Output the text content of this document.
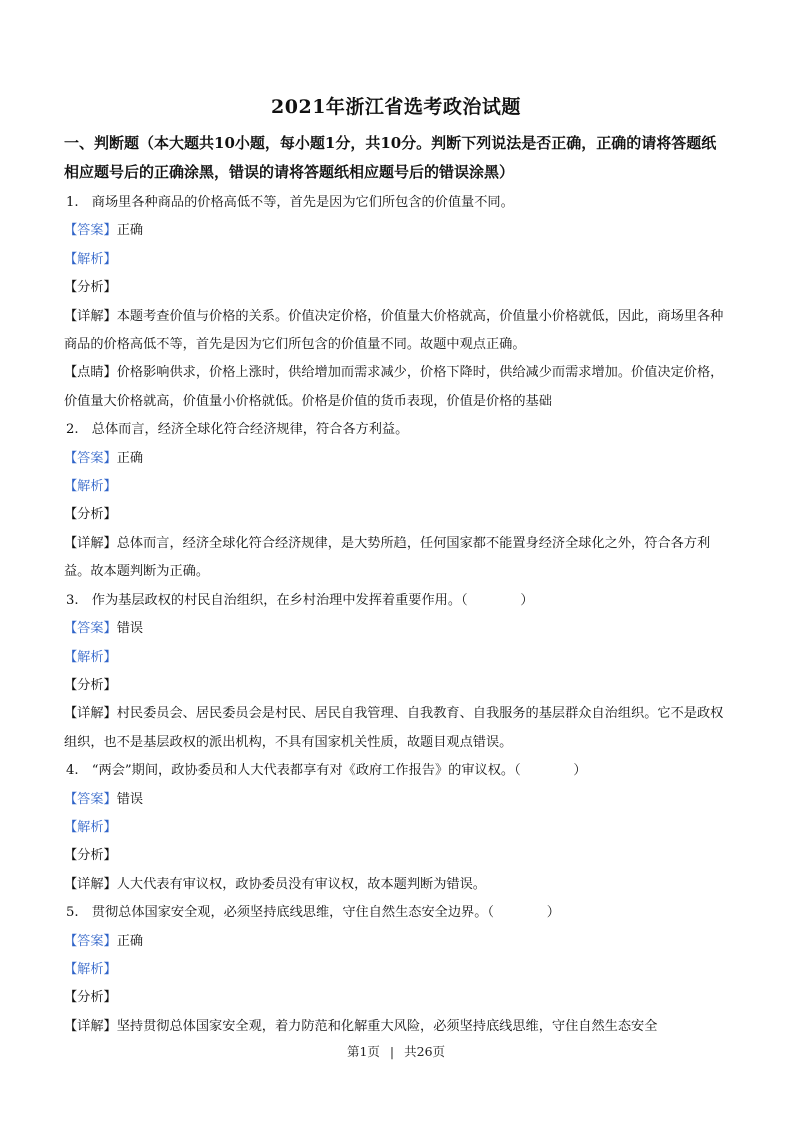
2021年浙江省选考政治试题
一、判断题（本大题共10小题，每小题1分，共10分。判断下列说法是否正确，正确的请将答题纸相应题号后的正确涂黑，错误的请将答题纸相应题号后的错误涂黑）
1.　商场里各种商品的价格高低不等，首先是因为它们所包含的价值量不同。
【答案】正确
【解析】
【分析】
【详解】本题考查价值与价格的关系。价值决定价格，价值量大价格就高，价值量小价格就低，因此，商场里各种商品的价格高低不等，首先是因为它们所包含的价值量不同。故题中观点正确。
【点睛】价格影响供求，价格上涨时，供给增加而需求减少，价格下降时，供给减少而需求增加。价值决定价格，价值量大价格就高，价值量小价格就低。价格是价值的货币表现，价值是价格的基础
2.　总体而言，经济全球化符合经济规律，符合各方利益。
【答案】正确
【解析】
【分析】
【详解】总体而言，经济全球化符合经济规律，是大势所趋，任何国家都不能置身经济全球化之外，符合各方利益。故本题判断为正确。
3.　作为基层政权的村民自治组织，在乡村治理中发挥着重要作用。（　　　　）
【答案】错误
【解析】
【分析】
【详解】村民委员会、居民委员会是村民、居民自我管理、自我教育、自我服务的基层群众自治组织。它不是政权组织，也不是基层政权的派出机构，不具有国家机关性质，故题目观点错误。
4.　“两会”期间，政协委员和人大代表都享有对《政府工作报告》的审议权。（　　　　）
【答案】错误
【解析】
【分析】
【详解】人大代表有审议权，政协委员没有审议权，故本题判断为错误。
5.　贯彻总体国家安全观，必须坚持底线思维，守住自然生态安全边界。（　　　　）
【答案】正确
【解析】
【分析】
【详解】坚持贯彻总体国家安全观，着力防范和化解重大风险，必须坚持底线思维，守住自然生态安全
第1页 | 共26页
